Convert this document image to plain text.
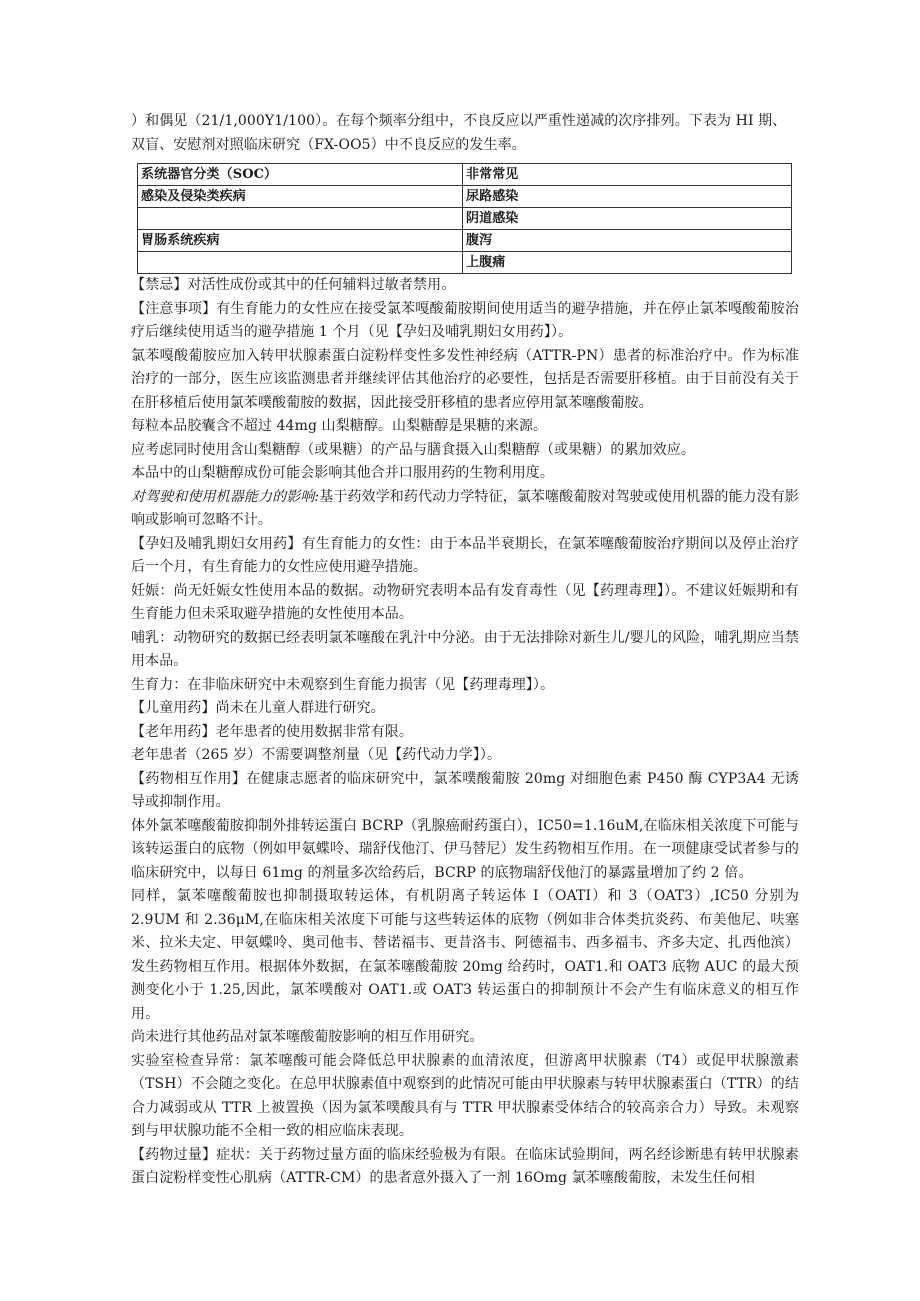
）和偶见（21/1,000Y1/100）。在每个频率分组中，不良反应以严重性递减的次序排列。下表为 HI 期、
双盲、安慰剂对照临床研究（FX-OO5）中不良反应的发生率。

系统器官分类（SOC）	非常常见
感染及侵染类疾病	尿路感染
	阴道感染
胃肠系统疾病	腹泻
	上腹痛

【禁忌】对活性成份或其中的任何辅料过敏者禁用。

【注意事项】有生育能力的女性应在接受氯苯嘎酸葡胺期间使用适当的避孕措施，并在停止氯苯嘎酸葡胺治疗后继续使用适当的避孕措施 1 个月（见【孕妇及哺乳期妇女用药】）。

氯苯嘎酸葡胺应加入转甲状腺素蛋白淀粉样变性多发性神经病（ATTR-PN）患者的标准治疗中。作为标准治疗的一部分，医生应该监测患者并继续评估其他治疗的必要性，包括是否需要肝移植。由于目前没有关于在肝移植后使用氯苯噗酸葡胺的数据，因此接受肝移植的患者应停用氯苯噻酸葡胺。

每粒本品胶囊含不超过 44mg 山梨糖醇。山梨糖醇是果糖的来源。

应考虑同时使用含山梨糖醇（或果糖）的产品与膳食摄入山梨糖醇（或果糖）的累加效应。

本品中的山梨糖醇成份可能会影响其他合并口服用药的生物利用度。

对驾驶和使用机器能力的影响:基于药效学和药代动力学特征，氯苯噻酸葡胺对驾驶或使用机器的能力没有影响或影响可忽略不计。

【孕妇及哺乳期妇女用药】有生育能力的女性：由于本品半衰期长，在氯苯噻酸葡胺治疗期间以及停止治疗后一个月，有生育能力的女性应使用避孕措施。

妊娠：尚无妊娠女性使用本品的数据。动物研究表明本品有发育毒性（见【药理毒理】）。不建议妊娠期和有生育能力但未采取避孕措施的女性使用本品。

哺乳：动物研究的数据已经表明氯苯噻酸在乳汁中分泌。由于无法排除对新生儿/婴儿的风险，哺乳期应当禁用本品。

生育力：在非临床研究中未观察到生育能力损害（见【药理毒理】）。

【儿童用药】尚未在儿童人群进行研究。

【老年用药】老年患者的使用数据非常有限。

老年患者（265 岁）不需要调整剂量（见【药代动力学】）。

【药物相互作用】在健康志愿者的临床研究中，氯苯噗酸葡胺 20mg 对细胞色素 P450 酶 CYP3A4 无诱导或抑制作用。

体外氯苯噻酸葡胺抑制外排转运蛋白 BCRP（乳腺癌耐药蛋白），IC50=1.16uM,在临床相关浓度下可能与该转运蛋白的底物（例如甲氨蝶呤、瑞舒伐他汀、伊马替尼）发生药物相互作用。在一项健康受试者参与的临床研究中，以每日 61mg 的剂量多次给药后，BCRP 的底物瑞舒伐他汀的暴露量增加了约 2 倍。

同样，氯苯噻酸葡胺也抑制摄取转运体，有机阴离子转运体 I（OATI）和 3（OAT3）,IC50 分别为 2.9UM 和 2.36μM,在临床相关浓度下可能与这些转运体的底物（例如非合体类抗炎药、布美他尼、呋塞米、拉米夫定、甲氨蝶呤、奥司他韦、替诺福韦、更昔洛韦、阿德福韦、西多福韦、齐多夫定、扎西他滨）发生药物相互作用。根据体外数据，在氯苯噻酸葡胺 20mg 给药时，OAT1.和 OAT3 底物 AUC 的最大预测变化小于 1.25,因此，氯苯噗酸对 OAT1.或 OAT3 转运蛋白的抑制预计不会产生有临床意义的相互作用。

尚未进行其他药品对氯苯噻酸葡胺影响的相互作用研究。

实验室检查异常：氯苯噻酸可能会降低总甲状腺素的血清浓度，但游离甲状腺素（T4）或促甲状腺激素（TSH）不会随之变化。在总甲状腺素值中观察到的此情况可能由甲状腺素与转甲状腺素蛋白（TTR）的结合力减弱或从 TTR 上被置换（因为氯苯噗酸具有与 TTR 甲状腺素受体结合的较高亲合力）导致。未观察到与甲状腺功能不全相一致的相应临床表现。

【药物过量】症状：关于药物过量方面的临床经验极为有限。在临床试验期间，两名经诊断患有转甲状腺素蛋白淀粉样变性心肌病（ATTR-CM）的患者意外摄入了一剂 16Omg 氯苯噻酸葡胺，未发生任何相
